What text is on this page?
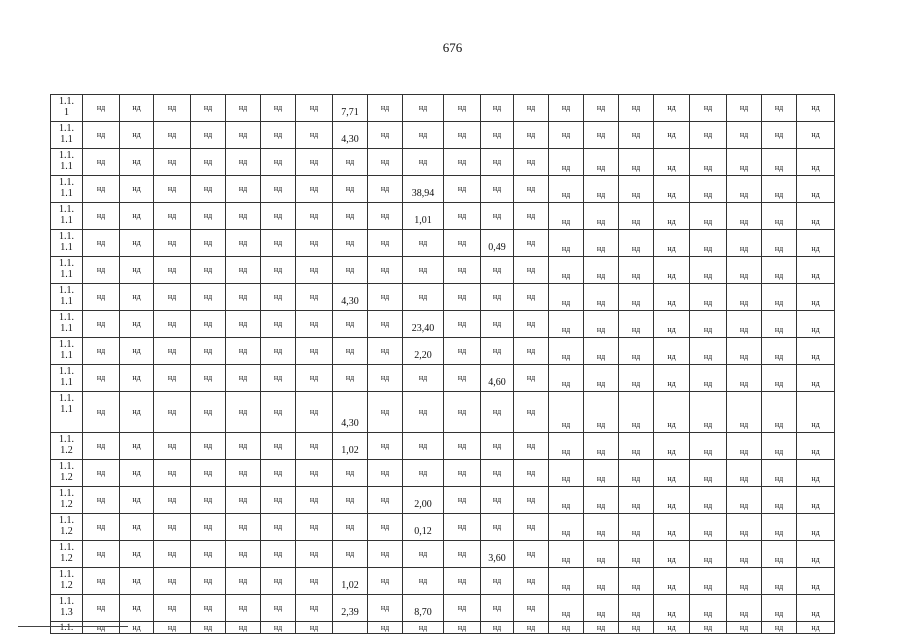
676
1.1.
1	нд	нд	нд	нд	нд	нд	нд	7,71	нд	нд	нд	нд	нд	нд	нд	нд	нд	нд	нд	нд	нд
1.1.
1.1	нд	нд	нд	нд	нд	нд	нд	4,30	нд	нд	нд	нд	нд	нд	нд	нд	нд	нд	нд	нд	нд
1.1.
1.1	нд	нд	нд	нд	нд	нд	нд	нд	нд	нд	нд	нд	нд	нд	нд	нд	нд	нд	нд	нд	нд
1.1.
1.1	нд	нд	нд	нд	нд	нд	нд	нд	нд	38,94	нд	нд	нд	нд	нд	нд	нд	нд	нд	нд	нд
1.1.
1.1	нд	нд	нд	нд	нд	нд	нд	нд	нд	1,01	нд	нд	нд	нд	нд	нд	нд	нд	нд	нд	нд
1.1.
1.1	нд	нд	нд	нд	нд	нд	нд	нд	нд	нд	нд	0,49	нд	нд	нд	нд	нд	нд	нд	нд	нд
1.1.
1.1	нд	нд	нд	нд	нд	нд	нд	нд	нд	нд	нд	нд	нд	нд	нд	нд	нд	нд	нд	нд	нд
1.1.
1.1	нд	нд	нд	нд	нд	нд	нд	4,30	нд	нд	нд	нд	нд	нд	нд	нд	нд	нд	нд	нд	нд
1.1.
1.1	нд	нд	нд	нд	нд	нд	нд	нд	нд	23,40	нд	нд	нд	нд	нд	нд	нд	нд	нд	нд	нд
1.1.
1.1	нд	нд	нд	нд	нд	нд	нд	нд	нд	2,20	нд	нд	нд	нд	нд	нд	нд	нд	нд	нд	нд
1.1.
1.1	нд	нд	нд	нд	нд	нд	нд	нд	нд	нд	нд	4,60	нд	нд	нд	нд	нд	нд	нд	нд	нд
1.1.
1.1	нд	нд	нд	нд	нд	нд	нд	4,30	нд	нд	нд	нд	нд	нд	нд	нд	нд	нд	нд	нд	нд
1.1.
1.2	нд	нд	нд	нд	нд	нд	нд	1,02	нд	нд	нд	нд	нд	нд	нд	нд	нд	нд	нд	нд	нд
1.1.
1.2	нд	нд	нд	нд	нд	нд	нд	нд	нд	нд	нд	нд	нд	нд	нд	нд	нд	нд	нд	нд	нд
1.1.
1.2	нд	нд	нд	нд	нд	нд	нд	нд	нд	2,00	нд	нд	нд	нд	нд	нд	нд	нд	нд	нд	нд
1.1.
1.2	нд	нд	нд	нд	нд	нд	нд	нд	нд	0,12	нд	нд	нд	нд	нд	нд	нд	нд	нд	нд	нд
1.1.
1.2	нд	нд	нд	нд	нд	нд	нд	нд	нд	нд	нд	3,60	нд	нд	нд	нд	нд	нд	нд	нд	нд
1.1.
1.2	нд	нд	нд	нд	нд	нд	нд	1,02	нд	нд	нд	нд	нд	нд	нд	нд	нд	нд	нд	нд	нд
1.1.
1.3	нд	нд	нд	нд	нд	нд	нд	2,39	нд	8,70	нд	нд	нд	нд	нд	нд	нд	нд	нд	нд	нд
1.1.	нд	нд	нд	нд	нд	нд	нд		нд	нд	нд	нд	нд	нд	нд	нд	нд	нд	нд	нд	нд
